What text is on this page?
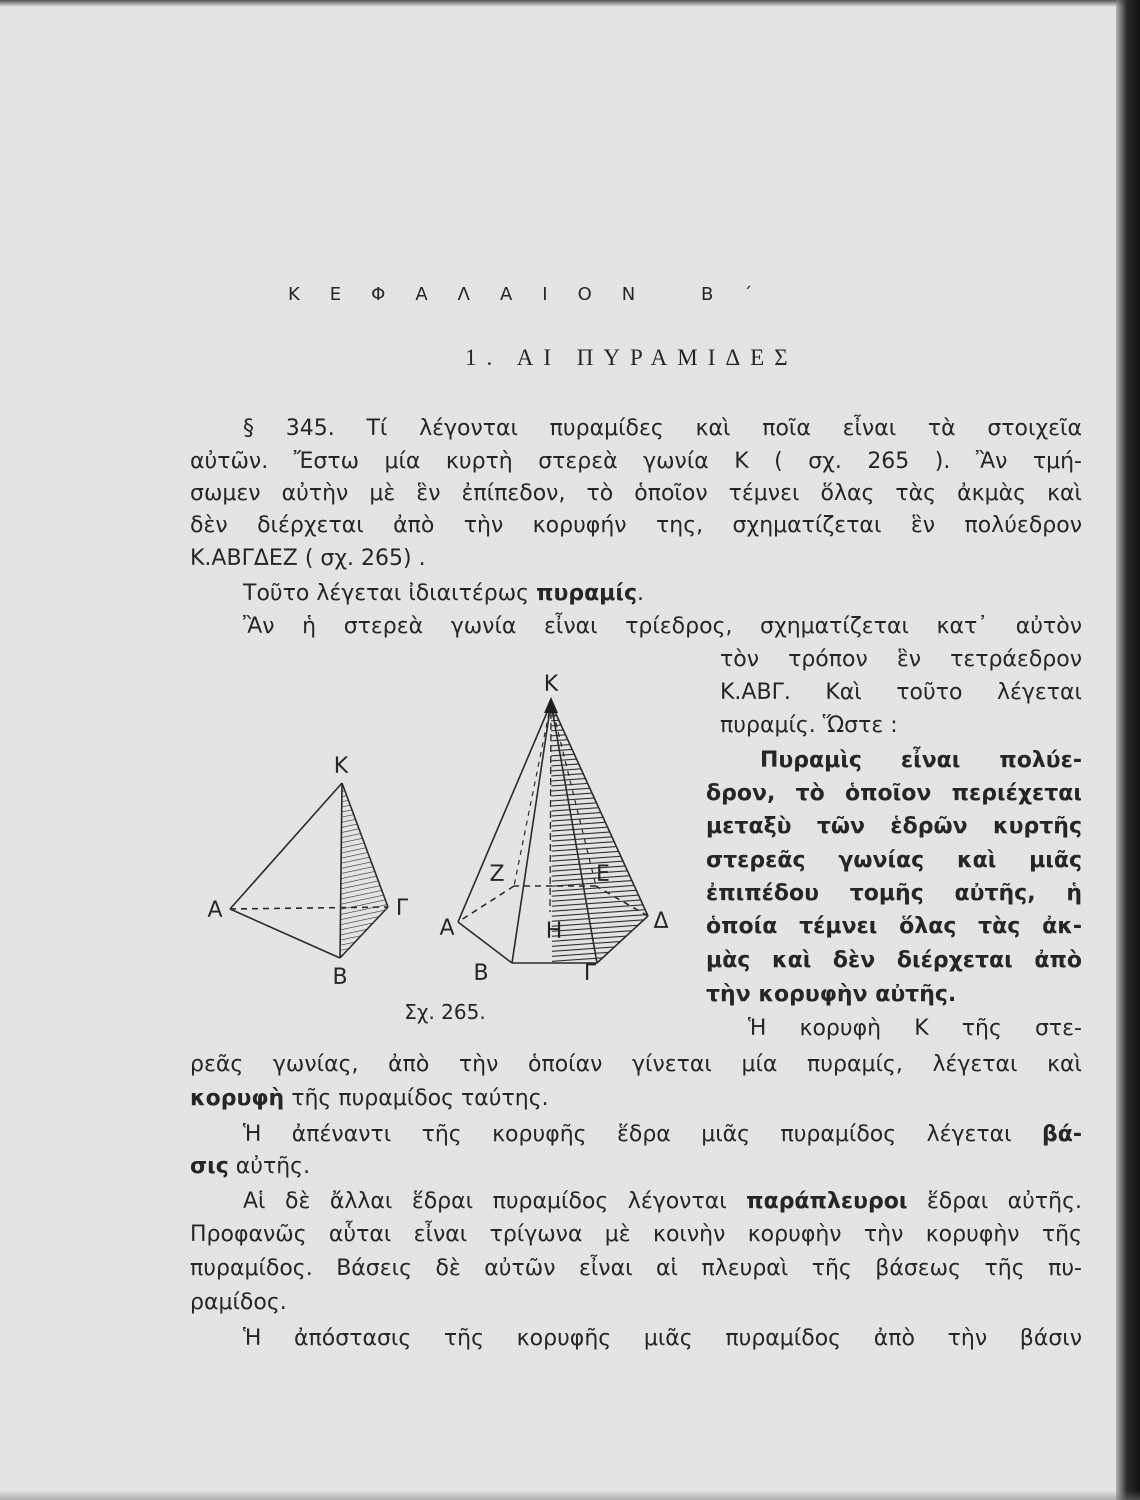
Κ
Α	Γ
Β
Κ
Ζ	Ε
Α	Δ
Η
Β	Γ
Σχ. 265.
ΚΕΦΑΛΑΙΟΝ Β΄
1. ΑΙ ΠΥΡΑΜΙΔΕΣ
§ 345. Τί λέγονται πυραμίδες καὶ ποῖα εἶναι τὰ στοιχεῖα
αὐτῶν. Ἔστω μία κυρτὴ στερεὰ γωνία Κ ( σχ. 265 ). Ἂν τμή-
σωμεν αὐτὴν μὲ ἓν ἐπίπεδον, τὸ ὁποῖον τέμνει ὅλας τὰς ἀκμὰς καὶ
δὲν διέρχεται ἀπὸ τὴν κορυφήν της, σχηματίζεται ἓν πολύεδρον
Κ.ΑΒΓΔΕΖ ( σχ. 265) .
Τοῦτο λέγεται ἰδιαιτέρως πυραμίς.
Ἂν ἡ στερεὰ γωνία εἶναι τρίεδρος, σχηματίζεται κατ᾽ αὐτὸν
τὸν τρόπον ἓν τετράεδρον
Κ.ΑΒΓ. Καὶ τοῦτο λέγεται
πυραμίς. Ὥστε :
Πυραμὶς εἶναι πολύε-
δρον, τὸ ὁποῖον περιέχεται
μεταξὺ τῶν ἑδρῶν κυρτῆς
στερεᾶς γωνίας καὶ μιᾶς
ἐπιπέδου τομῆς αὐτῆς, ἡ
ὁποία τέμνει ὅλας τὰς ἀκ-
μὰς καὶ δὲν διέρχεται ἀπὸ
τὴν κορυφὴν αὐτῆς.
Ἡ κορυφὴ Κ τῆς στε-
ρεᾶς γωνίας, ἀπὸ τὴν ὁποίαν γίνεται μία πυραμίς, λέγεται καὶ
κορυφὴ τῆς πυραμίδος ταύτης.
Ἡ ἀπέναντι τῆς κορυφῆς ἕδρα μιᾶς πυραμίδος λέγεται βά-
σις αὐτῆς.
Αἱ δὲ ἄλλαι ἕδραι πυραμίδος λέγονται παράπλευροι ἕδραι αὐτῆς.
Προφανῶς αὗται εἶναι τρίγωνα μὲ κοινὴν κορυφὴν τὴν κορυφὴν τῆς
πυραμίδος. Βάσεις δὲ αὐτῶν εἶναι αἱ πλευραὶ τῆς βάσεως τῆς πυ-
ραμίδος.
Ἡ ἀπόστασις τῆς κορυφῆς μιᾶς πυραμίδος ἀπὸ τὴν βάσιν
